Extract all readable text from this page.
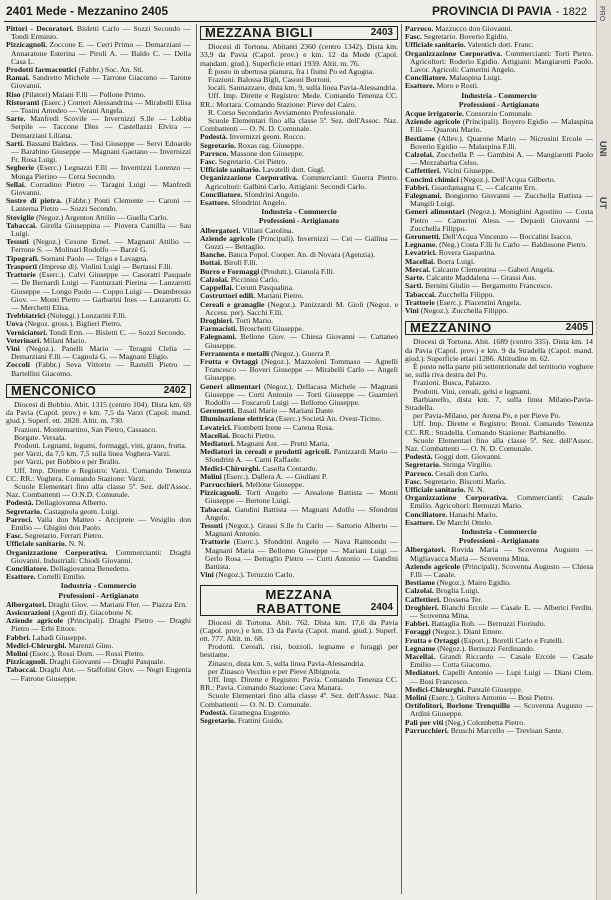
2401 Mede - Mezzanino 2405	PROVINCIA DI PAVIA - 1822

Pittori - Decoratori. Bisletti Carlo — Sozzi Secondo — Tondi Erminio.

Pizzicagnoli. Zoccone E. — Cerri Primo — Demarziani — Annaratone Esterina — Piroli A. — Baldo C. — Della Casa L.

Prodotti farmaceutici (Fabbr.) Soc. An. Sti.

Ramai. Sandretto Michele — Tarrone Giacomo — Tarone Giovanni.

Riso (Pilatori) Maiani F.lli — Pollone Primo.

Ristoranti (Eserc.) Conteri Alessandrina — Mirabelli Elisa — Tosini Amedeo — Verani Angela.

Sarte. Manfredi Scovile — Invernizzi S.lle — Lobba Serpile — Taccone Dies — Castellazzi Elvira — Demarziani Liliana.

Sarti. Bassani Baldass. — Tosi Giuseppe — Servi Edoardo — Barabino Giuseppe — Magnani Gaetano — Invernizzi Fr. Rosa Luigi.

Segherie (Eserc.) Legnazzi F.lli — Invernizzi Lorenzo — Monga Pierino — Cerra Secondo.

Sellai. Corradino Pietro — Taragni Luigi — Manfredi Giovanni.

Sostre di pietra. (Fabbr.) Ponti Clemente — Caroni — Lanterna Pietro — Sozzi Secondo.

Stoviglie (Negoz.) Argenton Attilio — Guella Carlo.

Tabaccai. Girella Giuseppina — Piovera Camilla — Sau Luigi.

Tessuti (Negoz.) Cesone Ernel. — Magnani Attilio — Ferrone S. — Molinari Rodolfo — Barzè G.

Tipografi. Sornani Paolo — Trigo e Lavagna.

Trasporti (Imprese di). Violini Luigi — Bertassi F.lli.

Trattorie (Eserc.). Calvi Giuseppe — Casoratti Pasquale — De Bernardi Luigi — Fantuzzati Pierina — Lanzarotti Giuseppe — Longo Paolo — Coppo Luigi — Deambrosio Giov. — Monti Pietro — Garbarini Ines — Lanzarotti G. — Merchetti Elisa.

Trebbiatrici (Noleggi.) Lonzarini F.lli.

Uova (Negoz. gross.). Biglieri Pietro.

Verniciatori. Tondi Erm. — Bisletti C. — Sozzi Secondo.

Veterinari. Milani Mario.

Vini (Negoz.). Panelli Mario — Teragni Clelia — Demarziani F.lli — Cagnola G. — Magnani Eligio.

Zoccoli (Fabbr.) Seva Vittorio — Rastelli Pietro — Bartellini Giacomo.

MENCONICO	2402

Diocesi di Bobbio. Abit. 1315 (centro 104). Dista km. 69 da Pavia (Capol. prov.) e km. 7,5 da Varzi (Capol. mand. giud.). Superf. ett. 2828. Altit. m. 730.

Frazioni. Montemartino, San Pietro, Cassasco.

Borgate. Versala.

Prodotti. Legnami, legumi, formaggi, vini, grano, frutta.

per Varzi, da 7,5 km. 7,5 sulla linea Voghera-Varzi.

per Varzi, per Bobbio e per Brallo.

Uff. Imp. Dirette e Registro: Varzi. Comando Tenenza CC. RR.: Voghera. Comando Stazione: Varzi.

Scuole Elementari fino alla classe 5ª. Sez. dell'Assoc. Naz. Combattenti — O.N.D. Comunale.

Podestà. Dellagiovanna Alberto.

Segretario. Castagnola geom. Luigi.

Parroci. Vaila don Matteo - Arciprete — Vesiglio don Emilio — Ghigini don Paolo.

Fasc. Segretario. Ferrari Pietro.

Ufficiale sanitario. N. N.

Organizzazione Corporativa. Commercianti: Draghi Giovanni. Industriali: Chiodi Giovanni.

Conciliatore. Dellagiovanna Benedetto.

Esattore. Cortelli Emilio.

Industria - Commercio
Professioni - Artigianato

Albergatori. Draghi Giov. — Mariani Flor. — Piazza Ern.

Assicurazioni (Agenti di). Giacobone N.

Aziende agricole (Principali). Draghi Pietro — Draghi Pietro — Erbi Ettore.

Fabbri. Labadi Giuseppe.

Medici-Chirurghi. Marenzi Gino.

Molini (Eserc.). Rossi Dom. — Rossi Pietro.

Pizzicagnoli. Draghi Giovanni — Draghi Pasquale.

Tabaccai. Draghi Ant. — Staffolini Giov. — Negri Eugenia — Fatrone Giuseppe.

MEZZANA BIGLI	2403

Diocesi di Tortona. Abitanti 2360 (centro 1342). Dista km. 33,9 da Pavia (Capol. prov.) e km. 12 da Mede (Capol. mandam. giud.). Superficie ettari 1939. Altit. m. 76.

È posto in ubertosa pianura, fra i fiumi Po ed Agogna.

Frazioni. Balossa Bigli, Casoni Borroni.

locali. Sannazzaro, dista km. 9, sulla linea Pavia-Alessandria.

Uff. Imp. Dirette e Registro: Mede. Comando Tenenza CC. RR.: Mortara. Comando Stazione: Pieve del Cairo.

R. Corso Secondario Avviamento Professionale.

Scuole Elementari fino alla classe 5ª. Sez. dell'Assoc. Naz. Combattenti — O. N. D. Comunale.

Podestà. Invernizzi geom. Rocco.

Segretario. Roxas rag. Giuseppe.

Parroco. Massone don Giuseppe.

Fasc. Segretario. Cei Pietro.

Ufficiale sanitario. Lavatelli dott. Gugl.

Organizzazione Corporativa. Commercianti: Guerra Pietro. Agricoltori: Galbini Carlo. Artigiani: Secondi Carlo.

Conciliatore. Sfondrini Angelo.

Esattore. Sfondrini Angelo.

Industria - Commercio
Professioni - Artigianato

Albergatori. Villani Carolina.

Aziende agricole (Principali). Invernizzi — Cei — Gallina — Gozzi — Bettaglio.

Banche. Banca Popol. Cooper. An. di Novara (Agenzia).

Bottai. Birolì F.lli.

Burro e Formaggi (Produtt.). Gianola F.lli.

Calzolai. Piccinini Carlo.

Cappellai. Cerutti Pasqualina.

Costruttori edili. Mariani Pietro.

Cereali e granaglie (Negoz.). Panizzardi M. Gioli (Negoz. e Access. per). Sacchi F.lli.

Droghieri. Torti Mario.

Farmacisti. Broschetti Giuseppe.

Falegnami. Bellone Giov. — Chiesa Giovanni — Cattaneo Giuseppe.

Ferramenta e metalli (Negoz.). Guerra P.

Frutta e Ortaggi (Negoz.). Mazzolenì Tommaso — Agnelli Francesco — Boveri Giuseppe — Mirabelli Carlo — Angeli Giuseppe.

Generi alimentari (Negoz.). Dellacasa Michele — Magnani Giuseppe — Curti Antonio — Torti Giuseppe — Guarnieri Rodolfo — Foscaroli Luigi — Bellomo Giuseppe.

Gerometti. Basati Mario — Mariani Dante

Illuminazione elettrica (Eserc.) Società An. Ovest-Ticino.

Levatrici. Fiombetti Irene — Carena Rosa.

Macellai. Boschi Pietro.

Mediatori. Magnani Ant. — Pretti Maria.

Mediatori in cereali e prodotti agricoli. Panizzardi Mario — Sfondrini A. — Carni Raffaele.

Medici-Chirurghi. Casella Contardo.

Molini (Eserc.). Dallera A. — Giuliani P.

Parrucchieri. Mellone Giuseppe.

Pizzicagnoli. Torti Angelo — Ansalone Battista — Monti Giuseppe — Bertone Luigi.

Tabaccai. Gandini Battista — Magnani Adolfo — Sfondrini Angelo.

Tessuti (Negoz.). Grassi S.lle fu Carlo — Sartorio Alberto — Magnani Antonio.

Trattorie (Eserc.). Sfondrini Angelo — Nava Raimondo — Magnani Maria — Bellomo Giuseppe — Mariani Luigi — Gerlo Rosa — Bettaglio Pietro — Curti Antonio — Gandini Battista.

Vini (Negoz.). Teruzzio Carlo.

MEZZANA
RABATTONE	2404

Diocesi di Tortona. Abit. 762. Dista km. 17,6 da Pavia (Capol. prov.) e km. 13 da Pavia (Capol. mand. giud.). Superf. ett. 777. Altit. m. 68.

Prodotti. Cereali, risi, bozzoli, legname e foraggi per bestiame.

Zinasco, dista km. 5, sulla linea Pavia-Alessandria.

per Zinasco Vecchio e per Pieve Albignola.

Uff. Imp. Dirette e Registro: Pavia. Comando Tenenza CC. RR.: Pavia. Comando Stazione: Cava Manara.

Scuole Elementari fino alla classe 4ª. Sez. dell'Assoc. Naz. Combattenti — O. N. D. Comunale.

Podestà. Gramegna Eugenio.

Segretario. Frattini Guido.

Parroco. Mazzucco don Giovanni.

Fasc. Segretario. Boverio Egidio.

Ufficiale sanitario. Valentich dott. Franc.

Organizzazione Corporativa. Commercianti: Torti Pietro. Agricoltori: Roderio Egidio. Artigiani: Mangiarotti Paolo. Lavor. Agricoli: Camerini Angelo.

Conciliatore. Malaspina Luigi.

Esattore. Moro e Rosti.

Industria - Commercio
Professioni - Artigianato

Acque irrigatorie. Consorzio Comunale.

Aziende agricole (Principali). Boyero Egidio — Malaspina F.lli — Quaroni Mario.

Bestiame (Allev.). Quarone Mario — Nicrosini Ercole — Boverio Egidio — Malaspina F.lli.

Calzolai. Zucchella P. — Gambini A. — Mangiarotti Paolo — Mezzabarba Celso.

Caffettieri. Vicini Giuseppe.

Concimi chimici (Negoz.). Dell'Acqua Gilberto.

Fabbri. Guardamagna C. — Calcante Ern.

Falegnami. Bongiorno Giovanni — Zucchella Battista — Mangili Luigi.

Generi alimentari (Negoz.). Monighini Agostino — Costa Pietro — Camerini Aless. — Depaoli Giovanni — Zucchella Filippo.

Gerometti. Dell'Acqua Vincenzo — Boccalini Isacco.

Legname. (Neg.) Costa F.lli fu Carlo — Baldissone Pietro.

Levatrici. Rovera Gasparina.

Macellai. Borra Luigi.

Mercai. Calcante Clementina — Gaberi Angela.

Sarte. Calcante Maddalena — Grassi Aus.

Sarti. Bernini Giulio — Bergamotto Francesco.

Tabaccai. Zucchella Filippo.

Trattorie (Eserc.). Piacentini Angela.

Vini (Negoz.). Zucchella Filippo.

MEZZANINO	2405

Diocesi di Tortona. Abit. 1689 (centro 335). Dista km. 14 da Pavia (Capol. prov.) e km. 9 da Stradella (Capol. mand. giud.). Superficie ettari 1286. Altitudine m. 62.

È posto nella parte più settentrionale del territorio voghere se, sulla riva destra del Po.

Frazioni. Busca, Palazzo.

Prodotti. Vini, cereali, gelsi e legnami.

Barbianello, dista km. 7, sulla linea Milano-Pavia-Stradella.

per Pavia-Milano, per Arena Po, e per Pieve Po.

Uff. Imp. Dirette e Registro: Broni. Comando Tenenza CC. RR.: Stradella. Comando Stazione: Barbianello.

Scuole Elementari fino alla classe 5ª. Sez. dell'Assoc. Naz. Combattenti — O. N. D. Comunale.

Podestà. Goggi dott. Giovanni.

Segretario. Stringa Virgilio.

Parroco. Cesali don Carlo.

Fasc. Segretario. Biscotti Mario.

Ufficiale sanitario. N. N.

Organizzazione Corporativa. Commercianti: Casale Emilio. Agricoltori: Bernuzzi Mario.

Conciliatore. Hanachi Mario.

Esattore. De Marchi Ottelo.

Industria - Commercio
Professioni - Artigianato

Albergatori. Rovida Maria — Scovenna Augusto — Migliavacca Maria — Scovenna Mina.

Aziende agricole (Principali). Scovenna Augusto — Chiesa F.lli — Casale.

Bestiame (Negoz.). Mairo Egidio.

Calzolai. Broglia Luigi.

Caffettieri. Dossena Ter.

Droghieri. Bianchi Ercole — Casale E. — Alberici Ferdin. — Scovenna Mina.

Fabbri. Battaglia Rob. — Bernuzzi Fiorindo.

Foraggi (Negoz.). Diani Ettore.

Frutta e Ortaggi (Esport.). Borelli Carlo e Fratelli.

Legname (Negoz.). Bernuzzi Ferdinando.

Macellai. Grandi Riccardo — Casale Ercole — Casale Emilio — Cotta Giacomo.

Mediatori. Capelli Antonio — Lupi Luigi — Diani Clem. — Bosi Francesco.

Medici-Chirurghi. Pantalè Giuseppe.

Molini (Eserc.). Goltera Antonio — Bosi Pietro.

Ortifolitori, Borlone Trenquillo — Scovenna Augusto — Ardini Giuseppe.

Pali per viti (Neg.) Colombetta Pietro.

Parrucchieri. Bruschi Marcello — Trevisan Sante.

PRO
UNI
UT
